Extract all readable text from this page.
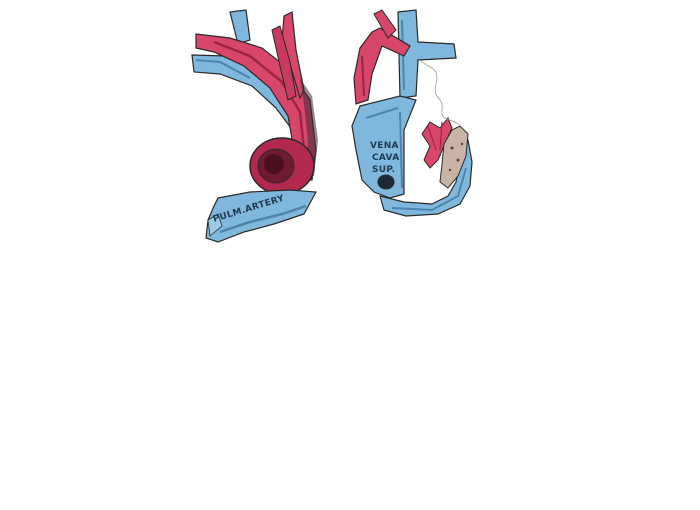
PULM.ARTERY
VENA
CAVA
SUP.
